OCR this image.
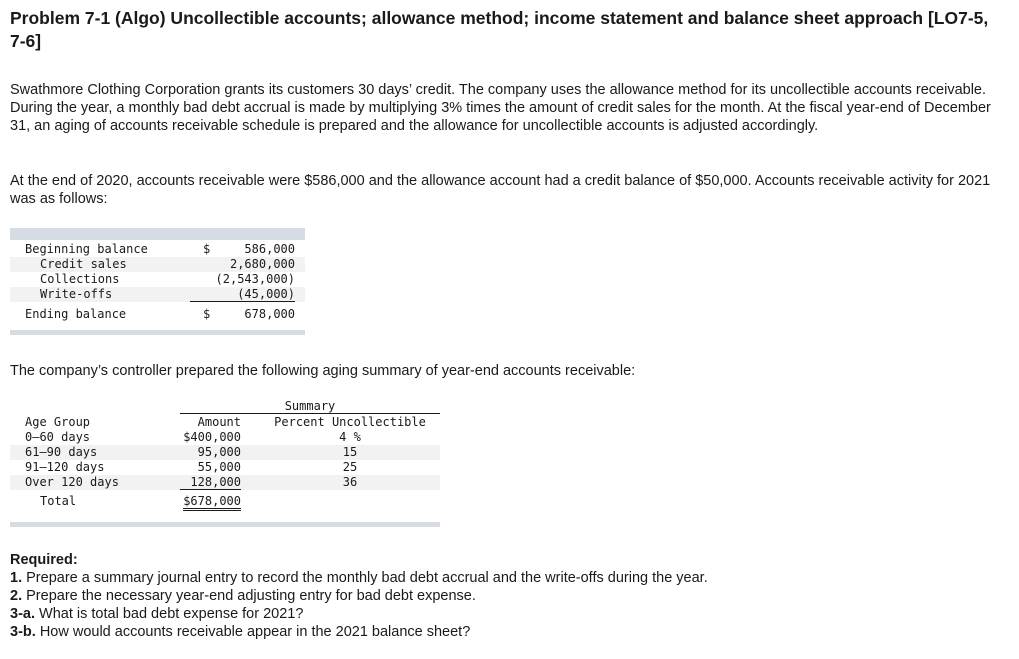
Problem 7-1 (Algo) Uncollectible accounts; allowance method; income statement and balance sheet approach [LO7-5, 7-6]

Swathmore Clothing Corporation grants its customers 30 days’ credit. The company uses the allowance method for its uncollectible accounts receivable. During the year, a monthly bad debt accrual is made by multiplying 3% times the amount of credit sales for the month. At the fiscal year-end of December 31, an aging of accounts receivable schedule is prepared and the allowance for uncollectible accounts is adjusted accordingly.

At the end of 2020, accounts receivable were $586,000 and the allowance account had a credit balance of $50,000. Accounts receivable activity for 2021 was as follows:

Beginning balance	$	586,000
Credit sales	2,680,000
Collections	(2,543,000)
Write-offs	(45,000)
Ending balance	$	678,000

The company’s controller prepared the following aging summary of year-end accounts receivable:

Summary
Age Group	Amount	Percent Uncollectible
0–60 days	$400,000	4 %
61–90 days	95,000	15
91–120 days	55,000	25
Over 120 days	128,000	36
Total	$678,000

Required:

1. Prepare a summary journal entry to record the monthly bad debt accrual and the write-offs during the year.

2. Prepare the necessary year-end adjusting entry for bad debt expense.

3-a. What is total bad debt expense for 2021?

3-b. How would accounts receivable appear in the 2021 balance sheet?
